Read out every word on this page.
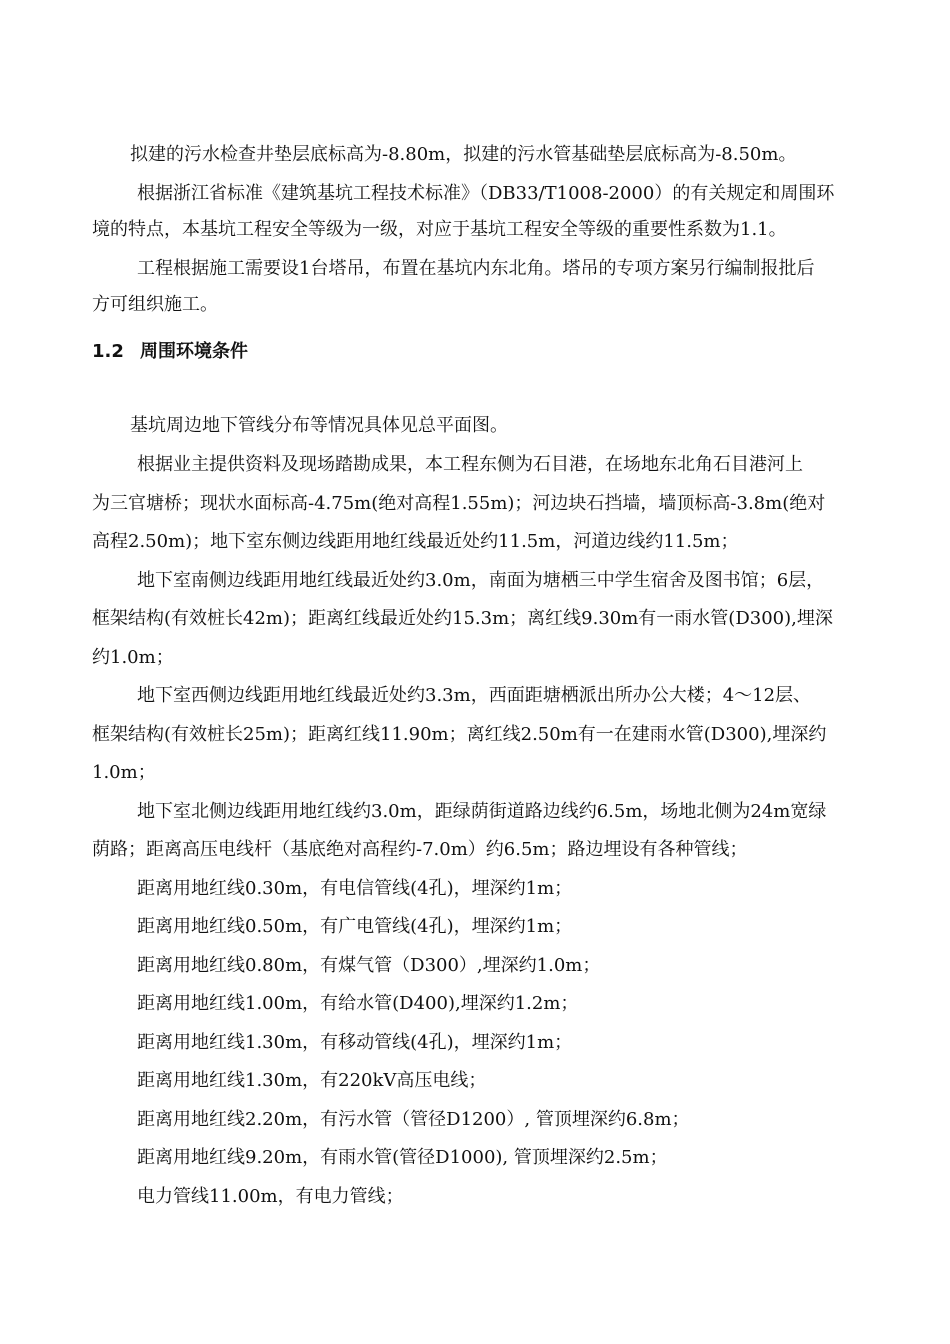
拟建的污水检查井垫层底标高为-8.80m，拟建的污水管基础垫层底标高为-8.50m。
根据浙江省标准《建筑基坑工程技术标准》（DB33/T1008-2000）的有关规定和周围环
境的特点，本基坑工程安全等级为一级，对应于基坑工程安全等级的重要性系数为1.1。
工程根据施工需要设1台塔吊，布置在基坑内东北角。塔吊的专项方案另行编制报批后
方可组织施工。
1.2 周围环境条件
基坑周边地下管线分布等情况具体见总平面图。
根据业主提供资料及现场踏勘成果，本工程东侧为石目港，在场地东北角石目港河上
为三官塘桥；现状水面标高-4.75m(绝对高程1.55m)；河边块石挡墙，墙顶标高-3.8m(绝对
高程2.50m)；地下室东侧边线距用地红线最近处约11.5m，河道边线约11.5m；
地下室南侧边线距用地红线最近处约3.0m，南面为塘栖三中学生宿舍及图书馆；6层，
框架结构(有效桩长42m)；距离红线最近处约15.3m；离红线9.30m有一雨水管(D300),埋深
约1.0m；
地下室西侧边线距用地红线最近处约3.3m，西面距塘栖派出所办公大楼；4～12层、
框架结构(有效桩长25m)；距离红线11.90m；离红线2.50m有一在建雨水管(D300),埋深约
1.0m；
地下室北侧边线距用地红线约3.0m，距绿荫街道路边线约6.5m，场地北侧为24m宽绿
荫路；距离高压电线杆（基底绝对高程约-7.0m）约6.5m；路边埋设有各种管线；
距离用地红线0.30m，有电信管线(4孔)，埋深约1m；
距离用地红线0.50m，有广电管线(4孔)，埋深约1m；
距离用地红线0.80m，有煤气管（D300）,埋深约1.0m；
距离用地红线1.00m，有给水管(D400),埋深约1.2m；
距离用地红线1.30m，有移动管线(4孔)，埋深约1m；
距离用地红线1.30m，有220kV高压电线；
距离用地红线2.20m，有污水管（管径D1200）, 管顶埋深约6.8m；
距离用地红线9.20m，有雨水管(管径D1000), 管顶埋深约2.5m；
电力管线11.00m，有电力管线；
